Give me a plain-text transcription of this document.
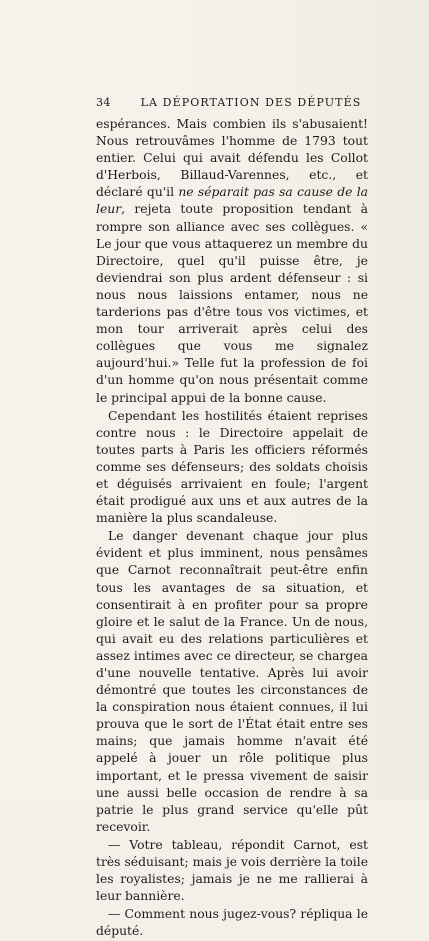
34	LA DÉPORTATION DES DÉPUTÉS

espérances. Mais combien ils s'abusaient! Nous retrouvâmes l'homme de 1793 tout entier. Celui qui avait défendu les Collot d'Herbois, Billaud-Varennes, etc., et déclaré qu'il ne séparait pas sa cause de la leur, rejeta toute proposition tendant à rompre son alliance avec ses collègues. « Le jour que vous attaquerez un membre du Directoire, quel qu'il puisse être, je deviendrai son plus ardent défenseur : si nous nous laissions entamer, nous ne tarderions pas d'être tous vos victimes, et mon tour arriverait après celui des collègues que vous me signalez aujourd'hui.» Telle fut la profession de foi d'un homme qu'on nous présentait comme le principal appui de la bonne cause.

Cependant les hostilités étaient reprises contre nous : le Directoire appelait de toutes parts à Paris les officiers réformés comme ses défenseurs; des soldats choisis et déguisés arrivaient en foule; l'argent était prodigué aux uns et aux autres de la manière la plus scandaleuse.

Le danger devenant chaque jour plus évident et plus imminent, nous pensâmes que Carnot reconnaîtrait peut-être enfin tous les avantages de sa situation, et consentirait à en profiter pour sa propre gloire et le salut de la France. Un de nous, qui avait eu des relations particulières et assez intimes avec ce directeur, se chargea d'une nouvelle tentative. Après lui avoir démontré que toutes les circonstances de la conspiration nous étaient connues, il lui prouva que le sort de l'État était entre ses mains; que jamais homme n'avait été appelé à jouer un rôle politique plus important, et le pressa vivement de saisir une aussi belle occasion de rendre à sa patrie le plus grand service qu'elle pût recevoir.

— Votre tableau, répondit Carnot, est très séduisant; mais je vois derrière la toile les royalistes; jamais je ne me rallierai à leur bannière.

— Comment nous jugez-vous? répliqua le député.
